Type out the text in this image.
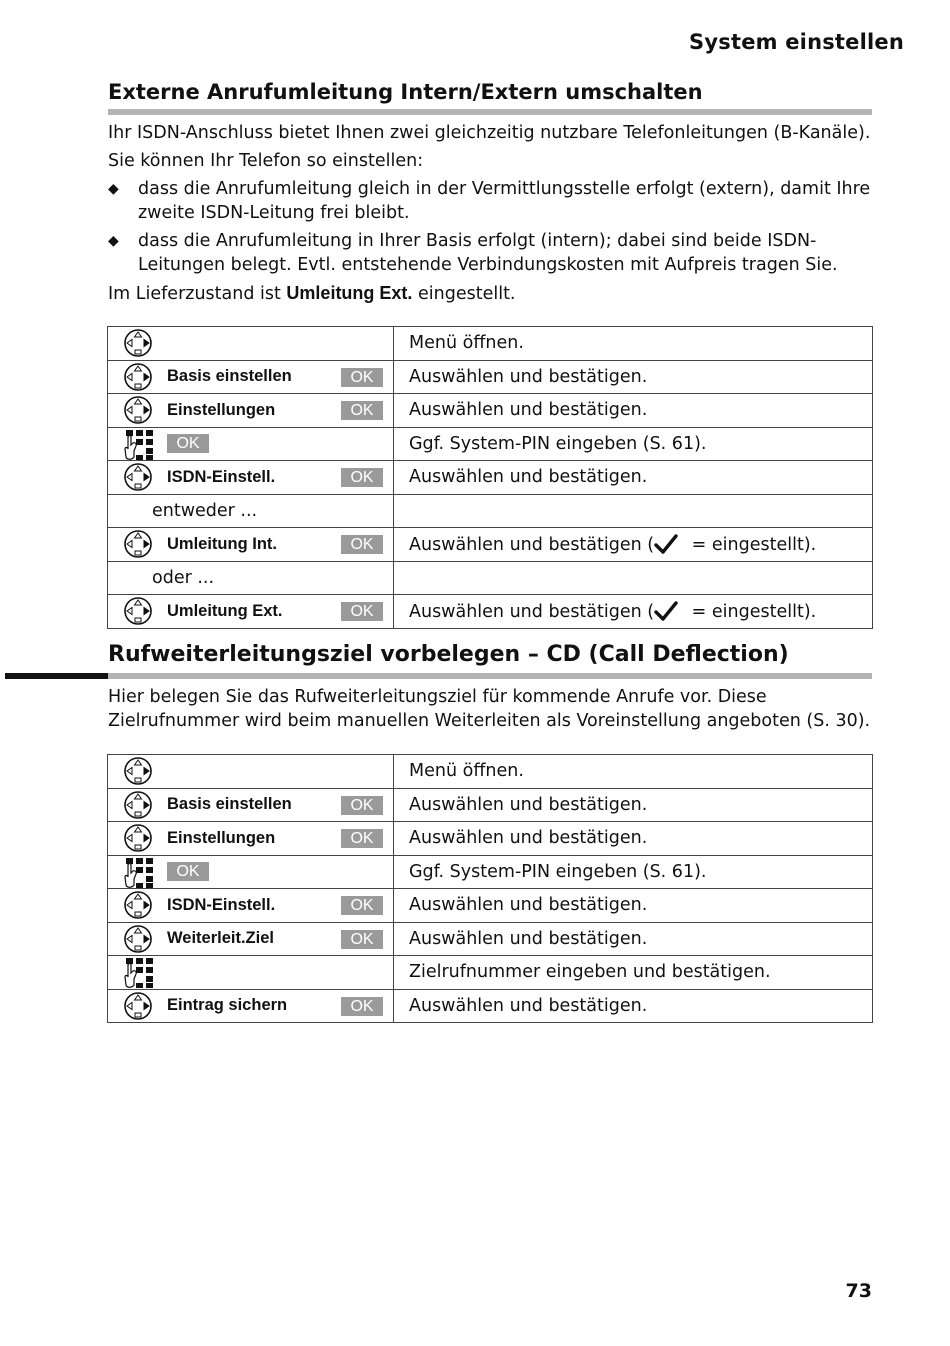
System einstellen
Externe Anrufumleitung Intern/Extern umschalten

Ihr ISDN-Anschluss bietet Ihnen zwei gleichzeitig nutzbare Telefonleitungen (B-Kanäle).

Sie können Ihr Telefon so einstellen:

◆ dass die Anrufumleitung gleich in der Vermittlungsstelle erfolgt (extern), damit Ihre zweite ISDN-Leitung frei bleibt.
◆ dass die Anrufumleitung in Ihrer Basis erfolgt (intern); dabei sind beide ISDN-Leitungen belegt. Evtl. entstehende Verbindungskosten mit Aufpreis tragen Sie.

Im Lieferzustand ist Umleitung Ext. eingestellt.

	Menü öffnen.

Basis einstellen OK	Auswählen und bestätigen.

Einstellungen OK	Auswählen und bestätigen.

OK	Ggf. System-PIN eingeben (S. 61).

ISDN-Einstell. OK	Auswählen und bestätigen.

entweder ...	

Umleitung Int. OK	Auswählen und bestätigen ( = eingestellt).

oder ...	

Umleitung Ext. OK	Auswählen und bestätigen ( = eingestellt).
Rufweiterleitungsziel vorbelegen – CD (Call Deflection)

Hier belegen Sie das Rufweiterleitungsziel für kommende Anrufe vor. Diese Zielrufnummer wird beim manuellen Weiterleiten als Voreinstellung angeboten (S. 30).

	Menü öffnen.

Basis einstellen OK	Auswählen und bestätigen.

Einstellungen OK	Auswählen und bestätigen.

OK	Ggf. System-PIN eingeben (S. 61).

ISDN-Einstell. OK	Auswählen und bestätigen.

Weiterleit.Ziel OK	Auswählen und bestätigen.

	Zielrufnummer eingeben und bestätigen.

Eintrag sichern OK	Auswählen und bestätigen.
73
